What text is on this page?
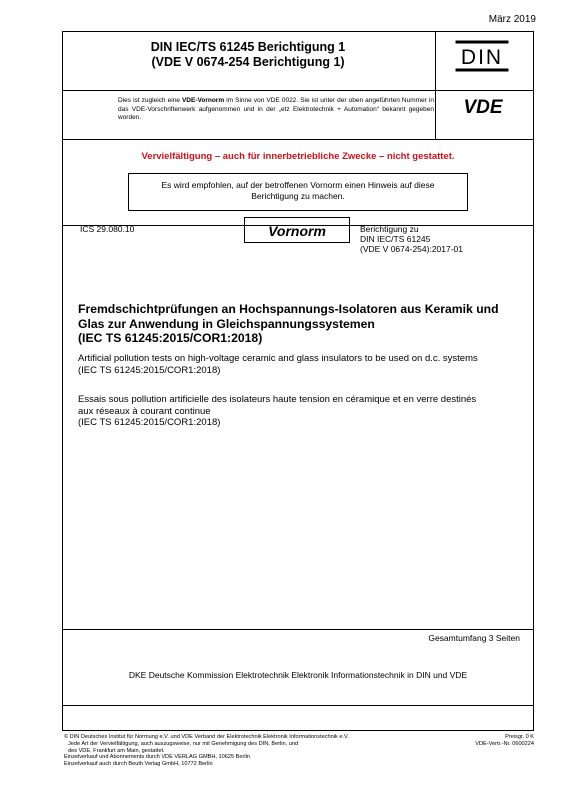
März 2019
DIN IEC/TS 61245 Berichtigung 1
(VDE V 0674-254 Berichtigung 1)	DIN
Dies ist zugleich eine VDE-Vornorm im Sinne von VDE 0022. Sie ist unter der oben angeführten Nummer in das VDE-Vorschriftenwerk aufgenommen und in der „etz Elektrotechnik + Automation“ bekannt gegeben worden.	VDE
Vervielfältigung – auch für innerbetriebliche Zwecke – nicht gestattet.
Es wird empfohlen, auf der betroffenen Vornorm einen Hinweis auf diese
Berichtigung zu machen.
ICS 29.080.10	Vornorm	Berichtigung zu
DIN IEC/TS 61245
(VDE V 0674-254):2017-01
Fremdschichtprüfungen an Hochspannungs-Isolatoren aus Keramik und
Glas zur Anwendung in Gleichspannungssystemen
(IEC TS 61245:2015/COR1:2018)
Artificial pollution tests on high-voltage ceramic and glass insulators to be used on d.c. systems
(IEC TS 61245:2015/COR1:2018)
Essais sous pollution artificielle des isolateurs haute tension en céramique et en verre destinés
aux réseaux à courant continue
(IEC TS 61245:2015/COR1:2018)
Gesamtumfang 3 Seiten
DKE Deutsche Kommission Elektrotechnik Elektronik Informationstechnik in DIN und VDE
© DIN Deutsches Institut für Normung e.V. und VDE Verband der Elektrotechnik Elektronik Informationstechnik e.V.
Jede Art der Vervielfältigung, auch auszugsweise, nur mit Genehmigung des DIN, Berlin, und
des VDE, Frankfurt am Main, gestattet.
Einzelverkauf und Abonnements durch VDE VERLAG GMBH, 10625 Berlin
Einzelverkauf auch durch Beuth Verlag GmbH, 10772 Berlin
Preisgr. 0 K
VDE-Vertr.-Nr. 0600224
